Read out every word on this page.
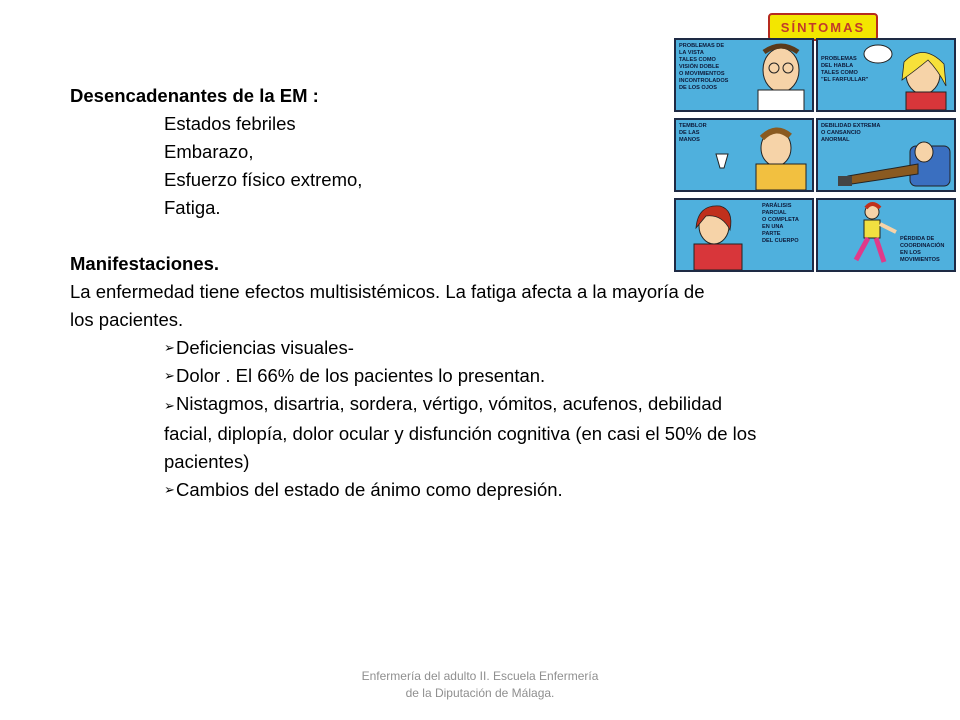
Desencadenantes de la EM :
Estados febriles
Embarazo,
Esfuerzo físico extremo,
Fatiga.
Manifestaciones.
La enfermedad tiene efectos multisistémicos. La fatiga afecta a la mayoría de los pacientes.
➢ Deficiencias visuales-
➢ Dolor . El 66% de los pacientes lo presentan.
➢Nistagmos, disartria, sordera, vértigo, vómitos, acufenos, debilidad facial, diplopía, dolor ocular y disfunción cognitiva (en casi el 50% de los pacientes)
➢ Cambios del estado de ánimo como depresión.
SÍNTOMAS
PROBLEMAS DE
LA VISTA
TALES COMO
VISIÓN DOBLE
O MOVIMIENTOS
INCONTROLADOS
DE LOS OJOS
PROBLEMAS
DEL HABLA
TALES COMO
"EL FARFULLAR"
TEMBLOR
DE LAS
MANOS
DEBILIDAD EXTREMA
O CANSANCIO
ANORMAL
PARÁLISIS
PARCIAL
O COMPLETA
EN UNA
PARTE
DEL CUERPO	PÉRDIDA DE
COORDINACIÓN
EN LOS
MOVIMIENTOS
Enfermería del adulto II. Escuela Enfermería
de la Diputación de Málaga.
